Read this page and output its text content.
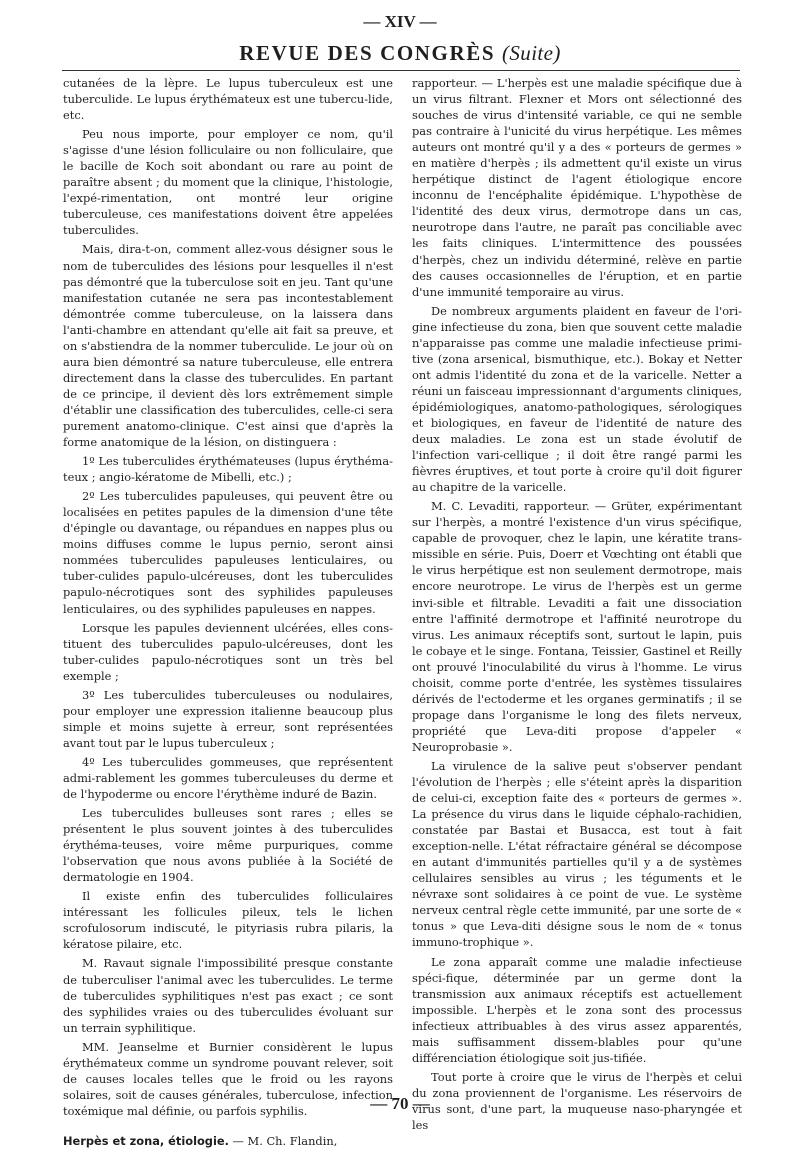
— XIV —
REVUE DES CONGRÈS (Suite)

cutanées de la lèpre. Le lupus tuberculeux est une tuberculide. Le lupus érythémateux est une tubercu-lide, etc.

Peu nous importe, pour employer ce nom, qu'il s'agisse d'une lésion folliculaire ou non folliculaire, que le bacille de Koch soit abondant ou rare au point de paraître absent ; du moment que la clinique, l'histologie, l'expé-rimentation, ont montré leur origine tuberculeuse, ces manifestations doivent être appelées tuberculides.

Mais, dira-t-on, comment allez-vous désigner sous le nom de tuberculides des lésions pour lesquelles il n'est pas démontré que la tuberculose soit en jeu. Tant qu'une manifestation cutanée ne sera pas incontestablement démontrée comme tuberculeuse, on la laissera dans l'anti-chambre en attendant qu'elle ait fait sa preuve, et on s'abstiendra de la nommer tuberculide. Le jour où on aura bien démontré sa nature tuberculeuse, elle entrera directement dans la classe des tuberculides. En partant de ce principe, il devient dès lors extrêmement simple d'établir une classification des tuberculides, celle-ci sera purement anatomo-clinique. C'est ainsi que d'après la forme anatomique de la lésion, on distinguera :

1º Les tuberculides érythémateuses (lupus érythéma-teux ; angio-kératome de Mibelli, etc.) ;

2º Les tuberculides papuleuses, qui peuvent être ou localisées en petites papules de la dimension d'une tête d'épingle ou davantage, ou répandues en nappes plus ou moins diffuses comme le lupus pernio, seront ainsi nommées tuberculides papuleuses lenticulaires, ou tuber-culides papulo-ulcéreuses, dont les tuberculides papulo-nécrotiques sont des syphilides papuleuses lenticulaires, ou des syphilides papuleuses en nappes.

Lorsque les papules deviennent ulcérées, elles cons-tituent des tuberculides papulo-ulcéreuses, dont les tuber-culides papulo-nécrotiques sont un très bel exemple ;

3º Les tuberculides tuberculeuses ou nodulaires, pour employer une expression italienne beaucoup plus simple et moins sujette à erreur, sont représentées avant tout par le lupus tuberculeux ;

4º Les tuberculides gommeuses, que représentent admi-rablement les gommes tuberculeuses du derme et de l'hypoderme ou encore l'érythème induré de Bazin.

Les tuberculides bulleuses sont rares ; elles se présentent le plus souvent jointes à des tuberculides érythéma-teuses, voire même purpuriques, comme l'observation que nous avons publiée à la Société de dermatologie en 1904.

Il existe enfin des tuberculides folliculaires intéressant les follicules pileux, tels le lichen scrofulosorum indiscuté, le pityriasis rubra pilaris, la kératose pilaire, etc.

M. Ravaut signale l'impossibilité presque constante de tuberculiser l'animal avec les tuberculides. Le terme de tuberculides syphilitiques n'est pas exact ; ce sont des syphilides vraies ou des tuberculides évoluant sur un terrain syphilitique.

MM. Jeanselme et Burnier considèrent le lupus érythémateux comme un syndrome pouvant relever, soit de causes locales telles que le froid ou les rayons solaires, soit de causes générales, tuberculose, infection toxémique mal définie, ou parfois syphilis.

Herpès et zona, étiologie. — M. Ch. Flandin,

rapporteur. — L'herpès est une maladie spécifique due à un virus filtrant. Flexner et Mors ont sélectionné des souches de virus d'intensité variable, ce qui ne semble pas contraire à l'unicité du virus herpétique. Les mêmes auteurs ont montré qu'il y a des « porteurs de germes » en matière d'herpès ; ils admettent qu'il existe un virus herpétique distinct de l'agent étiologique encore inconnu de l'encéphalite épidémique. L'hypothèse de l'identité des deux virus, dermotrope dans un cas, neurotrope dans l'autre, ne paraît pas conciliable avec les faits cliniques. L'intermittence des poussées d'herpès, chez un individu déterminé, relève en partie des causes occasionnelles de l'éruption, et en partie d'une immunité temporaire au virus.

De nombreux arguments plaident en faveur de l'ori-gine infectieuse du zona, bien que souvent cette maladie n'apparaisse pas comme une maladie infectieuse primi-tive (zona arsenical, bismuthique, etc.). Bokay et Netter ont admis l'identité du zona et de la varicelle. Netter a réuni un faisceau impressionnant d'arguments cliniques, épidémiologiques, anatomo-pathologiques, sérologiques et biologiques, en faveur de l'identité de nature des deux maladies. Le zona est un stade évolutif de l'infection vari-cellique ; il doit être rangé parmi les fièvres éruptives, et tout porte à croire qu'il doit figurer au chapitre de la varicelle.

M. C. Levaditi, rapporteur. — Grüter, expérimentant sur l'herpès, a montré l'existence d'un virus spécifique, capable de provoquer, chez le lapin, une kératite trans-missible en série. Puis, Doerr et Vœchting ont établi que le virus herpétique est non seulement dermotrope, mais encore neurotrope. Le virus de l'herpès est un germe invi-sible et filtrable. Levaditi a fait une dissociation entre l'affinité dermotrope et l'affinité neurotrope du virus. Les animaux réceptifs sont, surtout le lapin, puis le cobaye et le singe. Fontana, Teissier, Gastinel et Reilly ont prouvé l'inoculabilité du virus à l'homme. Le virus choisit, comme porte d'entrée, les systèmes tissulaires dérivés de l'ectoderme et les organes germinatifs ; il se propage dans l'organisme le long des filets nerveux, propriété que Leva-diti propose d'appeler « Neuroprobasie ».

La virulence de la salive peut s'observer pendant l'évolution de l'herpès ; elle s'éteint après la disparition de celui-ci, exception faite des « porteurs de germes ». La présence du virus dans le liquide céphalo-rachidien, constatée par Bastai et Busacca, est tout à fait exception-nelle. L'état réfractaire général se décompose en autant d'immunités partielles qu'il y a de systèmes cellulaires sensibles au virus ; les téguments et le névraxe sont solidaires à ce point de vue. Le système nerveux central règle cette immunité, par une sorte de « tonus » que Leva-diti désigne sous le nom de « tonus immuno-trophique ».

Le zona apparaît comme une maladie infectieuse spéci-fique, déterminée par un germe dont la transmission aux animaux réceptifs est actuellement impossible. L'herpès et le zona sont des processus infectieux attribuables à des virus assez apparentés, mais suffisamment dissem-blables pour qu'une différenciation étiologique soit jus-tifiée.

Tout porte à croire que le virus de l'herpès et celui du zona proviennent de l'organisme. Les réservoirs de virus sont, d'une part, la muqueuse naso-pharyngée et les

— 70 —
